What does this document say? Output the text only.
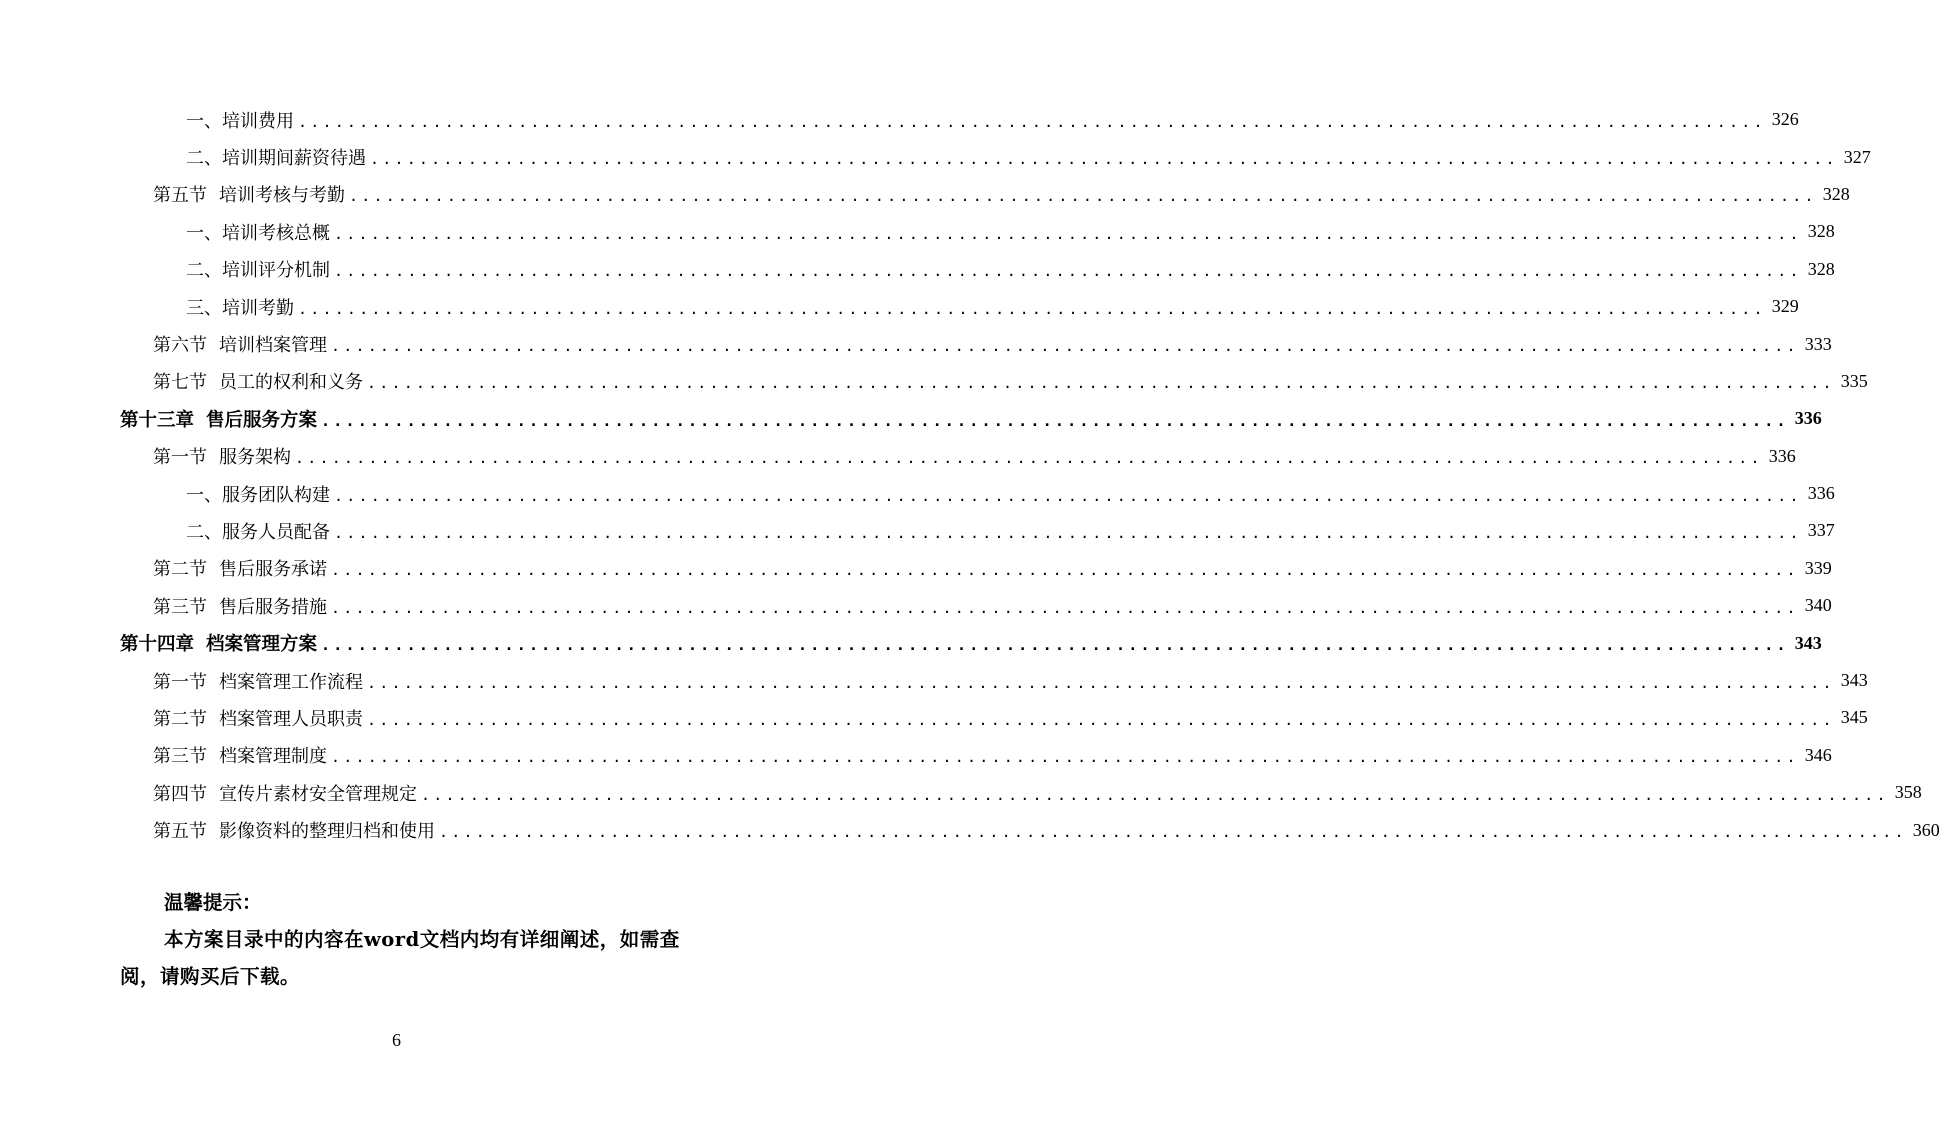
一、培训费用 ........................................................................................................................ 326
二、培训期间薪资待遇 ........................................................................................................................ 327
第五节 培训考核与考勤 ........................................................................................................................ 328
一、培训考核总概 ........................................................................................................................ 328
二、培训评分机制 ........................................................................................................................ 328
三、培训考勤 ........................................................................................................................ 329
第六节 培训档案管理 ........................................................................................................................ 333
第七节 员工的权利和义务 ........................................................................................................................ 335
第十三章 售后服务方案 ........................................................................................................................ 336
第一节 服务架构 ........................................................................................................................ 336
一、服务团队构建 ........................................................................................................................ 336
二、服务人员配备 ........................................................................................................................ 337
第二节 售后服务承诺 ........................................................................................................................ 339
第三节 售后服务措施 ........................................................................................................................ 340
第十四章 档案管理方案 ........................................................................................................................ 343
第一节 档案管理工作流程 ........................................................................................................................ 343
第二节 档案管理人员职责 ........................................................................................................................ 345
第三节 档案管理制度 ........................................................................................................................ 346
第四节 宣传片素材安全管理规定 ........................................................................................................................ 358
第五节 影像资料的整理归档和使用 ........................................................................................................................ 360
温馨提示：

本方案目录中的内容在word文档内均有详细阐述，如需查阅，请购买后下载。

6
